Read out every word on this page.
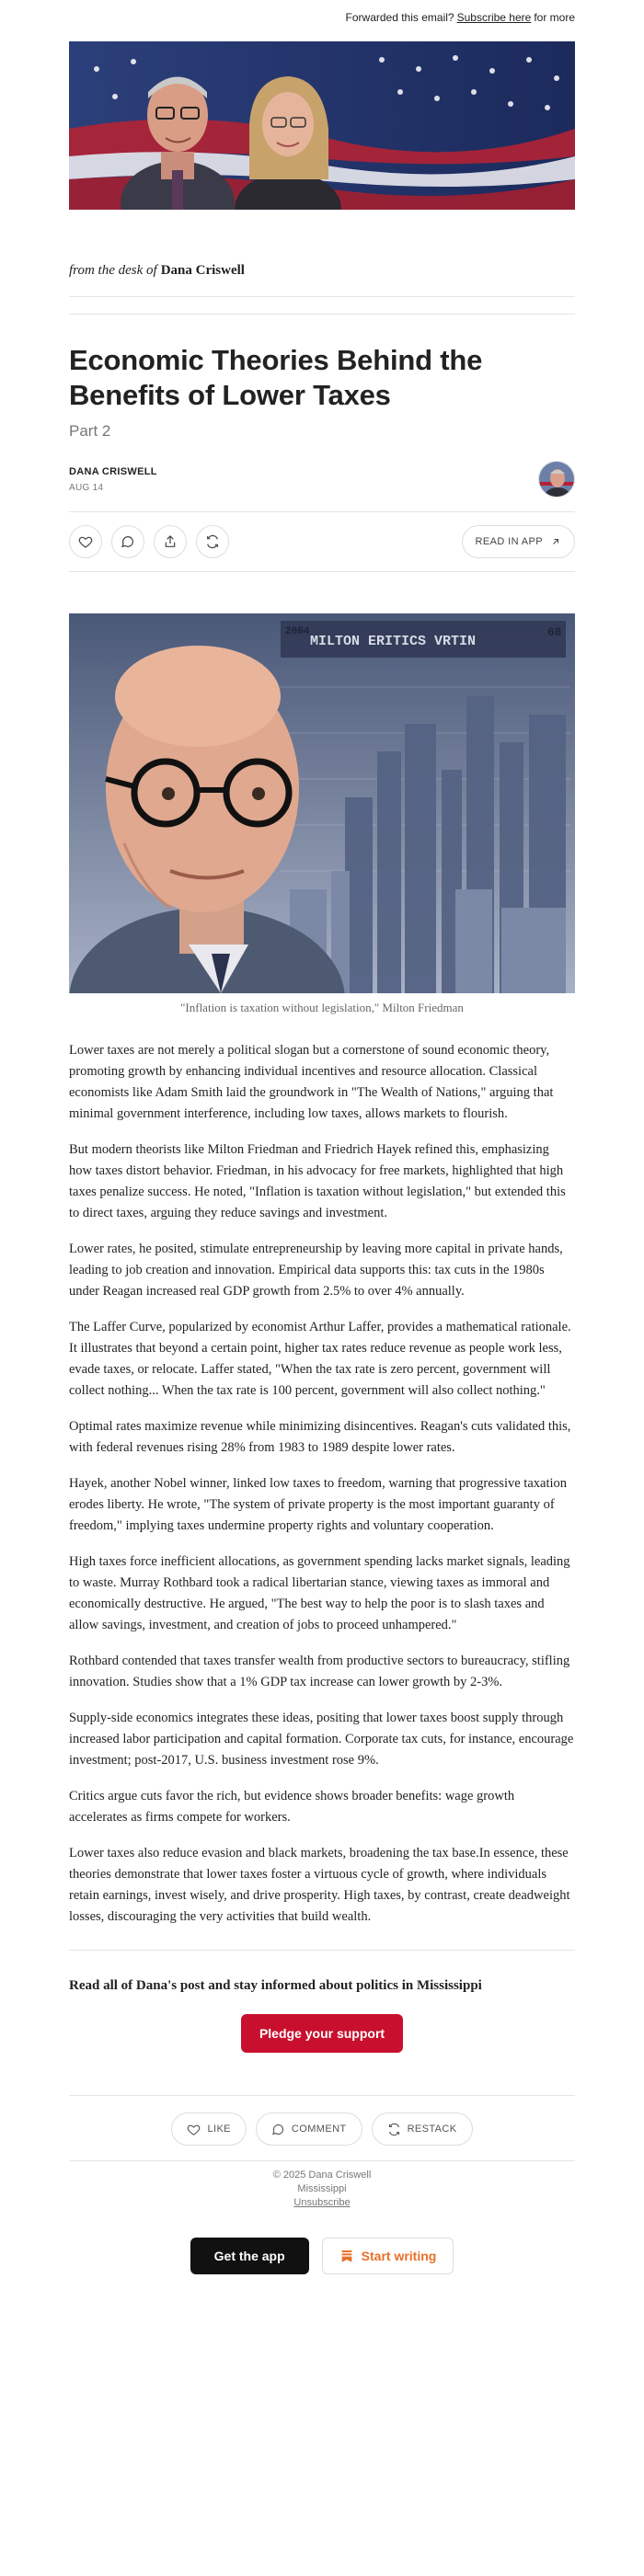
Forwarded this email? Subscribe here for more
from the desk of Dana Criswell
Economic Theories Behind the Benefits of Lower Taxes
Part 2
DANA CRISWELL
AUG 14
READ IN APP
MILTON ERITICS VRTIN
2064	68
"Inflation is taxation without legislation," Milton Friedman

Lower taxes are not merely a political slogan but a cornerstone of sound economic theory, promoting growth by enhancing individual incentives and resource allocation. Classical economists like Adam Smith laid the groundwork in "The Wealth of Nations," arguing that minimal government interference, including low taxes, allows markets to flourish.

But modern theorists like Milton Friedman and Friedrich Hayek refined this, emphasizing how taxes distort behavior. Friedman, in his advocacy for free markets, highlighted that high taxes penalize success. He noted, "Inflation is taxation without legislation," but extended this to direct taxes, arguing they reduce savings and investment.

Lower rates, he posited, stimulate entrepreneurship by leaving more capital in private hands, leading to job creation and innovation. Empirical data supports this: tax cuts in the 1980s under Reagan increased real GDP growth from 2.5% to over 4% annually.

The Laffer Curve, popularized by economist Arthur Laffer, provides a mathematical rationale. It illustrates that beyond a certain point, higher tax rates reduce revenue as people work less, evade taxes, or relocate. Laffer stated, "When the tax rate is zero percent, government will collect nothing... When the tax rate is 100 percent, government will also collect nothing."

Optimal rates maximize revenue while minimizing disincentives. Reagan's cuts validated this, with federal revenues rising 28% from 1983 to 1989 despite lower rates.

Hayek, another Nobel winner, linked low taxes to freedom, warning that progressive taxation erodes liberty. He wrote, "The system of private property is the most important guaranty of freedom," implying taxes undermine property rights and voluntary cooperation.

High taxes force inefficient allocations, as government spending lacks market signals, leading to waste. Murray Rothbard took a radical libertarian stance, viewing taxes as immoral and economically destructive. He argued, "The best way to help the poor is to slash taxes and allow savings, investment, and creation of jobs to proceed unhampered."

Rothbard contended that taxes transfer wealth from productive sectors to bureaucracy, stifling innovation. Studies show that a 1% GDP tax increase can lower growth by 2-3%.

Supply-side economics integrates these ideas, positing that lower taxes boost supply through increased labor participation and capital formation. Corporate tax cuts, for instance, encourage investment; post-2017, U.S. business investment rose 9%.

Critics argue cuts favor the rich, but evidence shows broader benefits: wage growth accelerates as firms compete for workers.

Lower taxes also reduce evasion and black markets, broadening the tax base.In essence, these theories demonstrate that lower taxes foster a virtuous cycle of growth, where individuals retain earnings, invest wisely, and drive prosperity. High taxes, by contrast, create deadweight losses, discouraging the very activities that build wealth.

Read all of Dana's post and stay informed about politics in Mississippi
Pledge your support
LIKE	COMMENT	RESTACK
© 2025 Dana Criswell
Mississippi
Unsubscribe
Get the app	Start writing
